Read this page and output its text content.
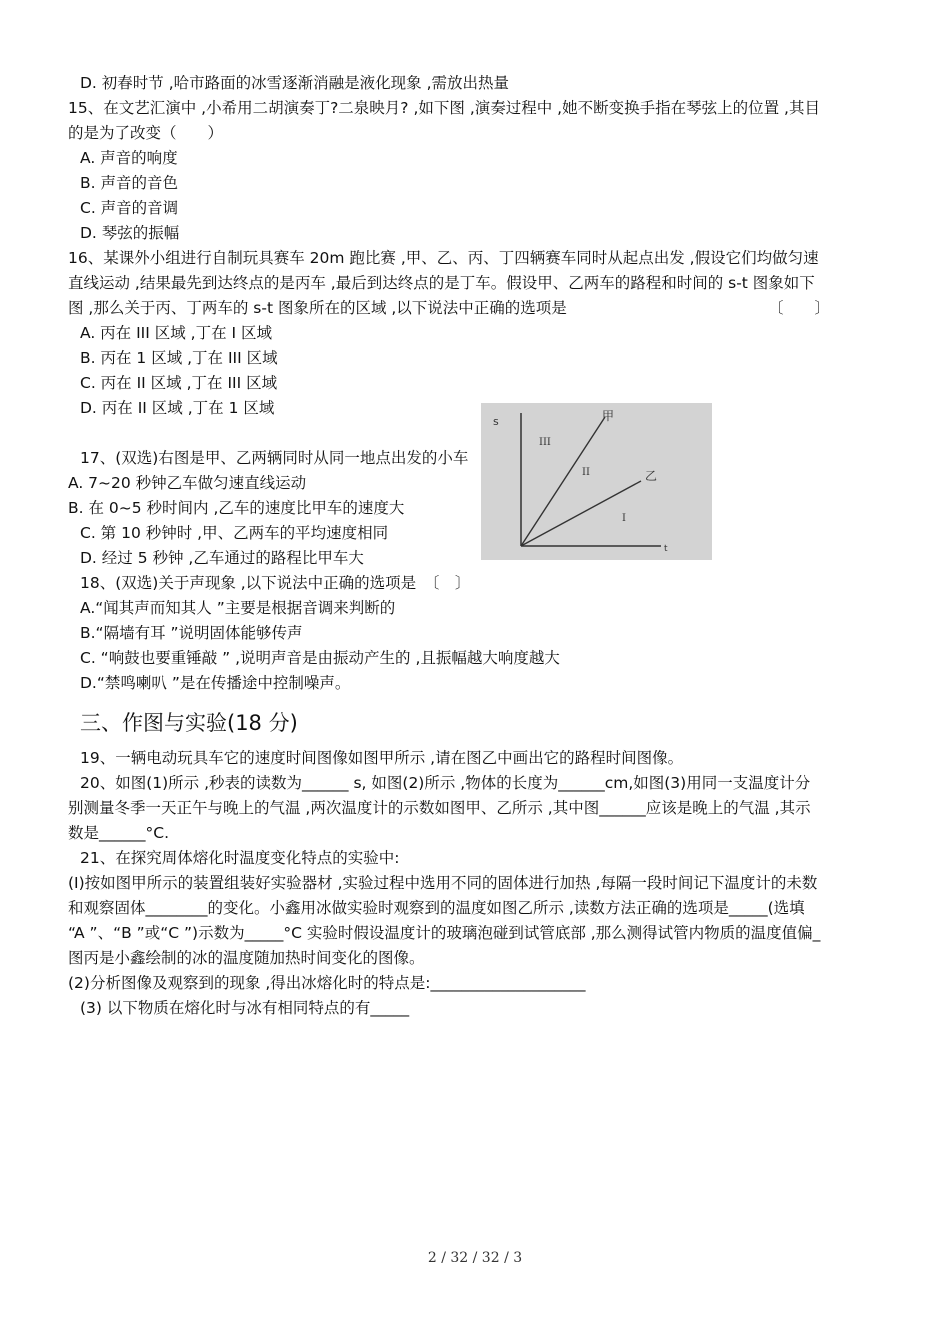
D. 初春时节 ,哈市路面的冰雪逐渐消融是液化现象 ,需放出热量
15、在文艺汇演中 ,小希用二胡演奏丁?二泉映月? ,如下图 ,演奏过程中 ,她不断变换手指在琴弦上的位置 ,其目
的是为了改变（　　）
A. 声音的响度
B. 声音的音色
C. 声音的音调
D. 琴弦的振幅
16、某课外小组进行自制玩具赛车 20m 跑比赛 ,甲、乙、丙、丁四辆赛车同时从起点出发 ,假设它们均做匀速
直线运动 ,结果最先到达终点的是丙车 ,最后到达终点的是丁车。假设甲、乙两车的路程和时间的 s-t 图象如下
图 ,那么关于丙、丁两车的 s-t 图象所在的区域 ,以下说法中正确的选项是	〔　　〕
A. 丙在 III 区域 ,丁在 I 区域
B. 丙在 1 区域 ,丁在 III 区域
C. 丙在 II 区域 ,丁在 III 区域
D. 丙在 II 区域 ,丁在 1 区域
17、(双选)右图是甲、乙两辆同时从同一地点出发的小车
s
t
甲
乙
III
II
I
A. 7~20 秒钟乙车做匀速直线运动
B. 在 0~5 秒时间内 ,乙车的速度比甲车的速度大
C. 第 10 秒钟时 ,甲、乙两车的平均速度相同
D. 经过 5 秒钟 ,乙车通过的路程比甲车大
18、(双选)关于声现象 ,以下说法中正确的选项是　〔　〕
A.“闻其声而知其人 ”主要是根据音调来判断的
B.“隔墙有耳 ”说明固体能够传声
C. “响鼓也要重锤敲 ” ,说明声音是由振动产生的 ,且振幅越大响度越大
D.“禁鸣喇叭 ”是在传播途中控制噪声。
三、作图与实验(18 分)
19、一辆电动玩具车它的速度时间图像如图甲所示 ,请在图乙中画出它的路程时间图像。
20、如图(1)所示 ,秒表的读数为______ s, 如图(2)所示 ,物体的长度为______cm,如图(3)用同一支温度计分
别测量冬季一天正午与晚上的气温 ,两次温度计的示数如图甲、乙所示 ,其中图______应该是晚上的气温 ,其示
数是______°C.
21、在探究周体熔化时温度变化特点的实验中:
(I)按如图甲所示的装置组装好实验器材 ,实验过程中选用不同的固体进行加热 ,每隔一段时间记下温度计的未数
和观察固体________的变化。小鑫用冰做实验时观察到的温度如图乙所示 ,读数方法正确的选项是_____(选填
“A ”、“B ”或“C ”)示数为_____°C 实验时假设温度计的玻璃泡碰到试管底部 ,那么测得试管内物质的温度值偏_
图丙是小鑫绘制的冰的温度随加热时间变化的图像。
(2)分析图像及观察到的现象 ,得出冰熔化时的特点是:____________________
(3) 以下物质在熔化时与冰有相同特点的有_____
2 / 32 / 32 / 3
